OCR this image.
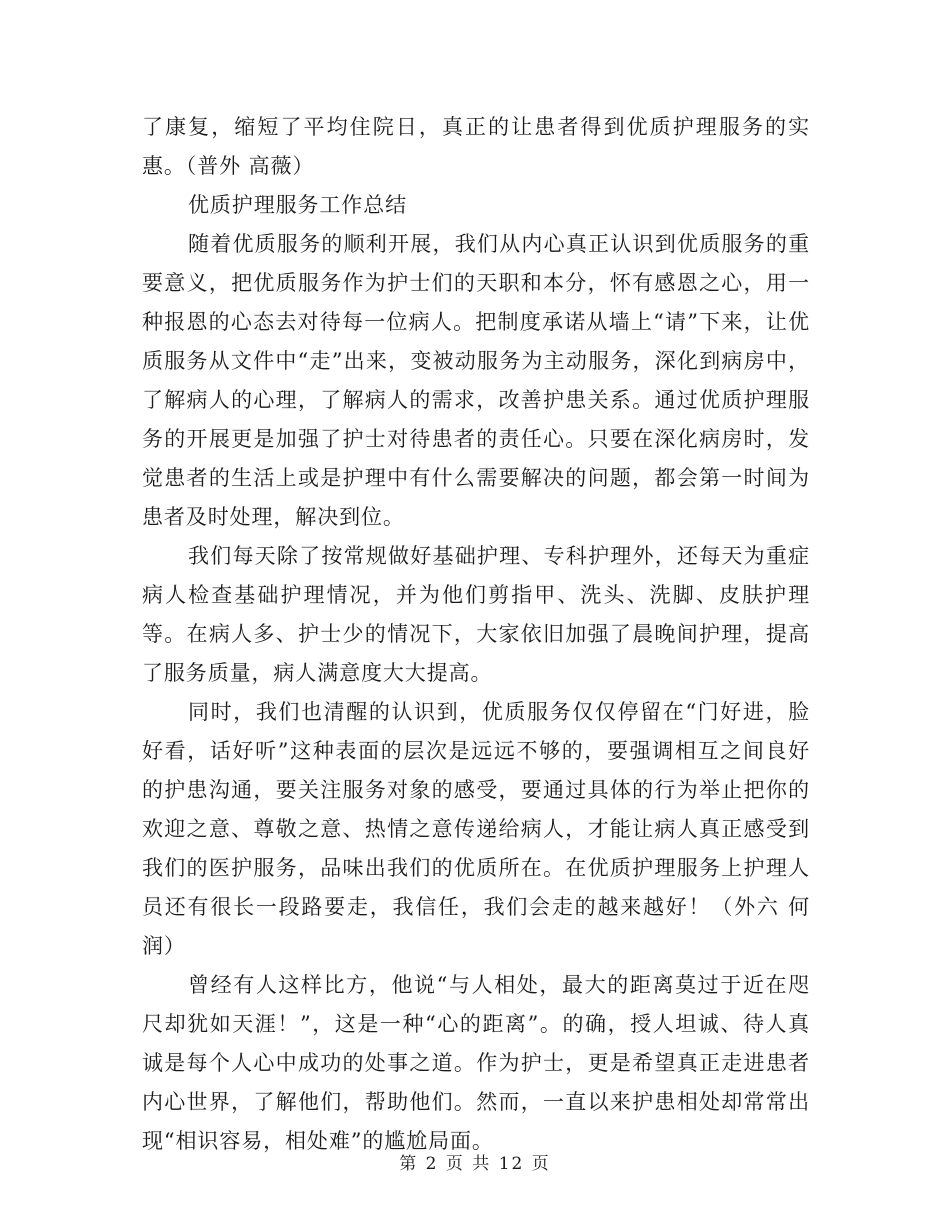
了康复，缩短了平均住院日，真正的让患者得到优质护理服务的实惠。（普外 高薇）

优质护理服务工作总结

随着优质服务的顺利开展，我们从内心真正认识到优质服务的重要意义，把优质服务作为护士们的天职和本分，怀有感恩之心，用一种报恩的心态去对待每一位病人。把制度承诺从墙上“请”下来，让优质服务从文件中“走”出来，变被动服务为主动服务，深化到病房中，了解病人的心理，了解病人的需求，改善护患关系。通过优质护理服务的开展更是加强了护士对待患者的责任心。只要在深化病房时，发觉患者的生活上或是护理中有什么需要解决的问题，都会第一时间为患者及时处理，解决到位。

我们每天除了按常规做好基础护理、专科护理外，还每天为重症病人检查基础护理情况，并为他们剪指甲、洗头、洗脚、皮肤护理等。在病人多、护士少的情况下，大家依旧加强了晨晚间护理，提高了服务质量，病人满意度大大提高。

同时，我们也清醒的认识到，优质服务仅仅停留在“门好进，脸好看，话好听”这种表面的层次是远远不够的，要强调相互之间良好的护患沟通，要关注服务对象的感受，要通过具体的行为举止把你的欢迎之意、尊敬之意、热情之意传递给病人，才能让病人真正感受到我们的医护服务，品味出我们的优质所在。在优质护理服务上护理人员还有很长一段路要走，我信任，我们会走的越来越好！（外六 何润）

曾经有人这样比方，他说“与人相处，最大的距离莫过于近在咫尺却犹如天涯！”，这是一种“心的距离”。的确，授人坦诚、待人真诚是每个人心中成功的处事之道。作为护士，更是希望真正走进患者内心世界，了解他们，帮助他们。然而，一直以来护患相处却常常出现“相识容易，相处难”的尴尬局面。

第 2 页 共 12 页
